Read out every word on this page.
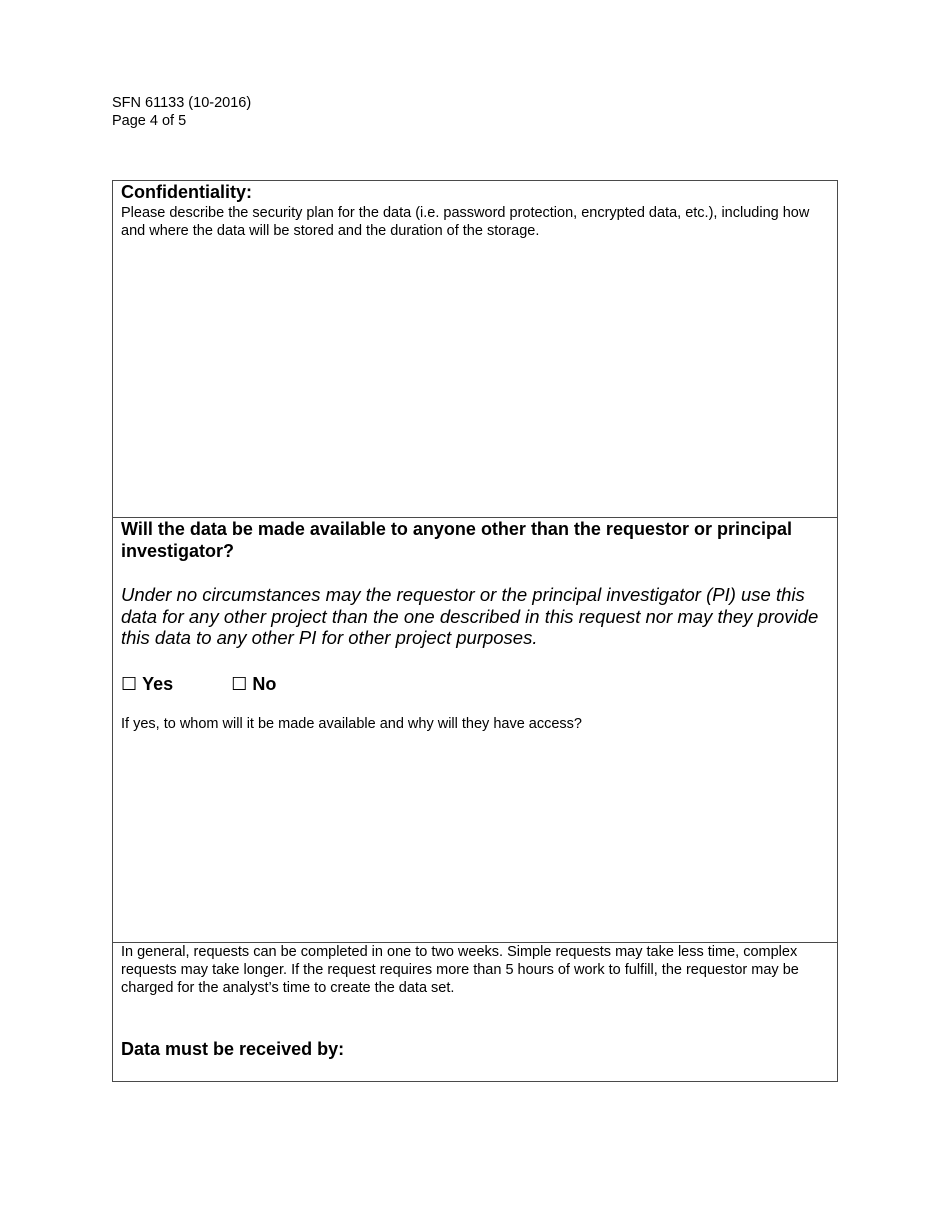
SFN 61133 (10-2016)
Page 4 of 5
Confidentiality:
Please describe the security plan for the data (i.e. password protection, encrypted data, etc.), including how and where the data will be stored and the duration of the storage.
Will the data be made available to anyone other than the requestor or principal investigator?
Under no circumstances may the requestor or the principal investigator (PI) use this data for any other project than the one described in this request nor may they provide this data to any other PI for other project purposes.
☐ Yes	☐ No
If yes, to whom will it be made available and why will they have access?
In general, requests can be completed in one to two weeks. Simple requests may take less time, complex requests may take longer. If the request requires more than 5 hours of work to fulfill, the requestor may be charged for the analyst’s time to create the data set.
Data must be received by:
